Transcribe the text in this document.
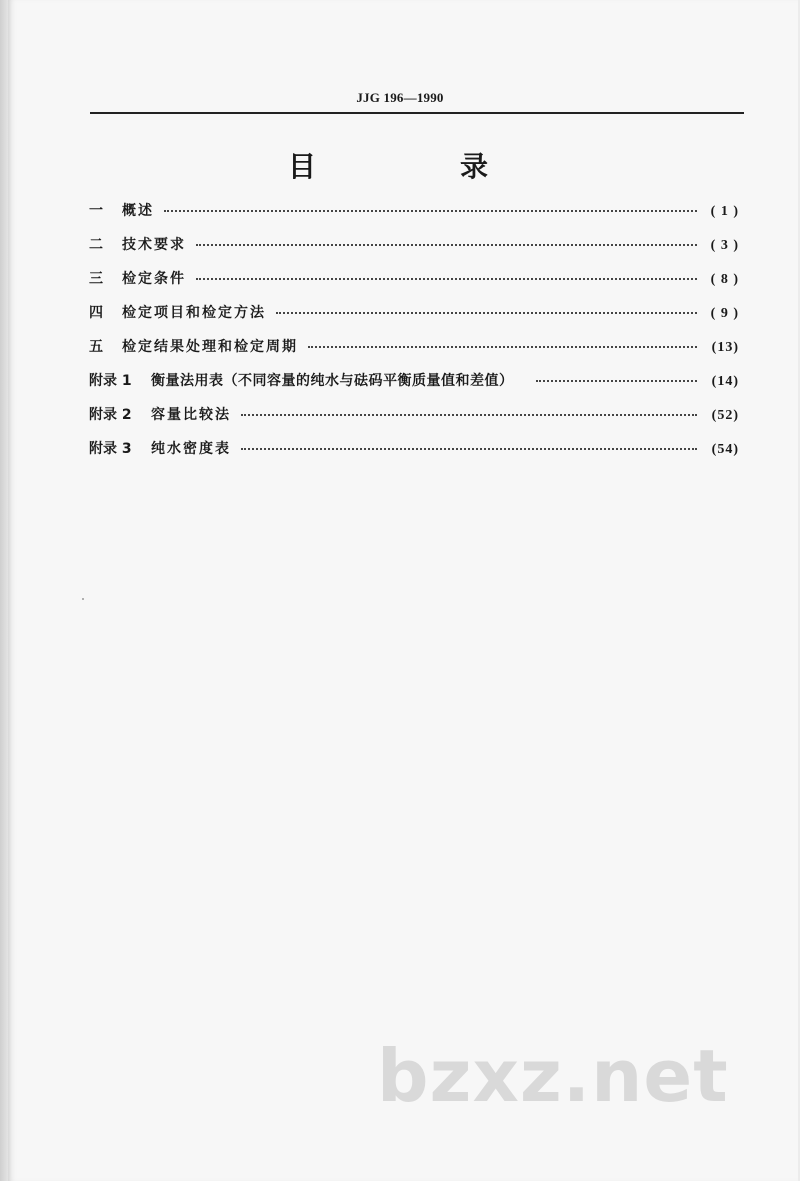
JJG 196—1990
目　录
一	概述	( 1 )
二	技术要求	( 3 )
三	检定条件	( 8 )
四	检定项目和检定方法	( 9 )
五	检定结果处理和检定周期	(13)
附录 1	衡量法用表（不同容量的纯水与砝码平衡质量值和差值）	(14)
附录 2	容量比较法	(52)
附录 3	纯水密度表	(54)
bzxz.net
